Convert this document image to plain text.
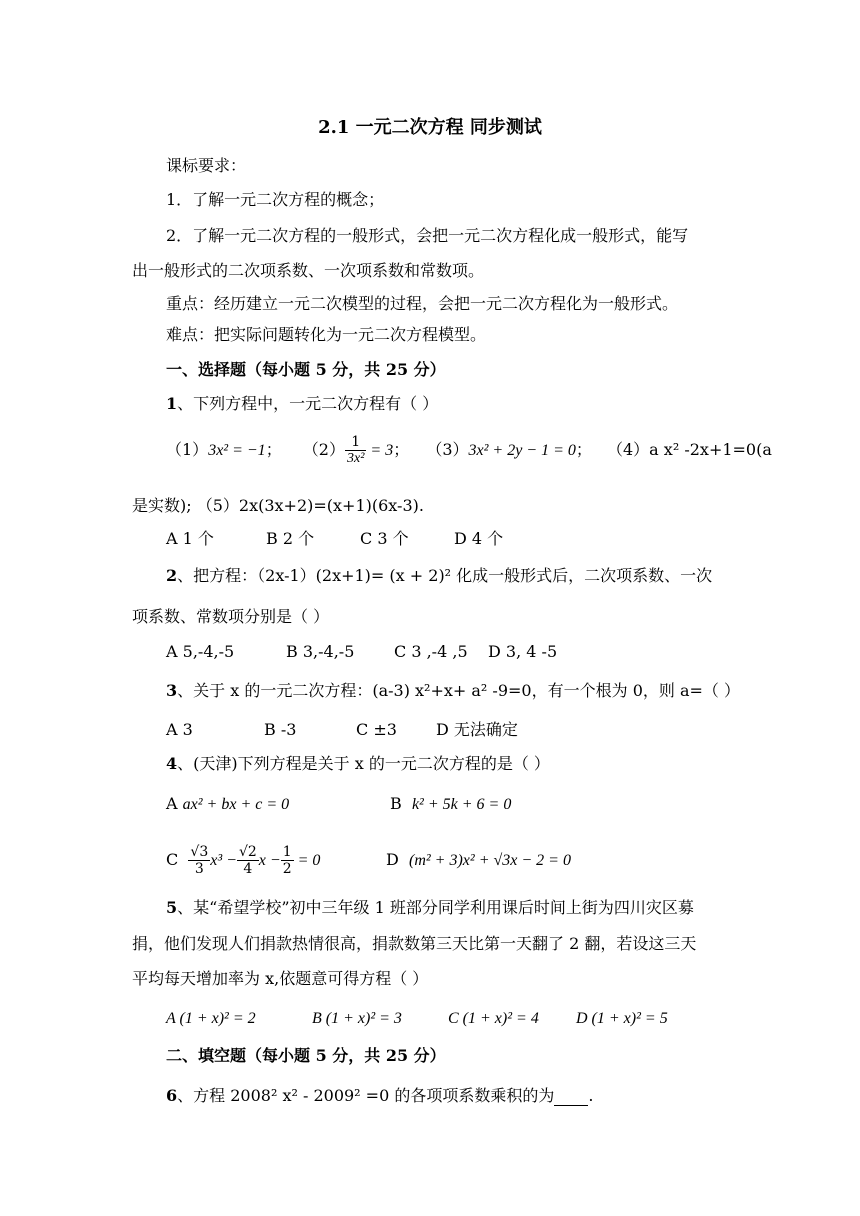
2.1 一元二次方程 同步测试
课标要求：
1．了解一元二次方程的概念；
2．了解一元二次方程的一般形式，会把一元二次方程化成一般形式，能写
出一般形式的二次项系数、一次项系数和常数项。
重点：经历建立一元二次模型的过程，会把一元二次方程化为一般形式。
难点：把实际问题转化为一元二次方程模型。
一、选择题（每小题 5 分，共 25 分）
1、下列方程中，一元二次方程有（ ）
（1）3x² = −1； $(2) \frac{1}{\text{3x²}} = 3$； （3）3x² + 2y − 1 = 0； （4）a x² -2x+1=0(a
是实数); （5）2x(3x+2)=(x+1)(6x-3).
A 1 个	B 2 个	C 3 个	D 4 个
2、把方程：（2x-1）(2x+1)= (x + 2)² 化成一般形式后，二次项系数、一次
项系数、常数项分别是（ ）
A 5,-4,-5	B 3,-4,-5 C 3 ,-4 ,5 D 3, 4 -5
3、关于 x 的一元二次方程：(a-3) x²+x+ a² -9=0，有一个根为 0，则 a=（ ）
A 3	B -3	C ±3 D 无法确定
4、(天津)下列方程是关于 x 的一元二次方程的是（ ）
A ax² + bx + c = 0	B k² + 5k + 6 = 0
C $\frac{√3}{3} x^3 - \frac{√2}{4}$ $x - \frac{1}{2} = 0$	D (m² + 3)x² + √3x − 2 = 0
5、某“希望学校”初中三年级 1 班部分同学利用课后时间上街为四川灾区募
捐，他们发现人们捐款热情很高，捐款数第三天比第一天翻了 2 翻，若设这三天
平均每天增加率为 x,依题意可得方程（ ）
A (1 + x)² = 2	B (1 + x)² = 3	C (1 + x)² = 4 D (1 + x)² = 5
二、填空题（每小题 5 分，共 25 分）
6、方程 2008² x² - 2009² =0 的各项项系数乘积的为 .
